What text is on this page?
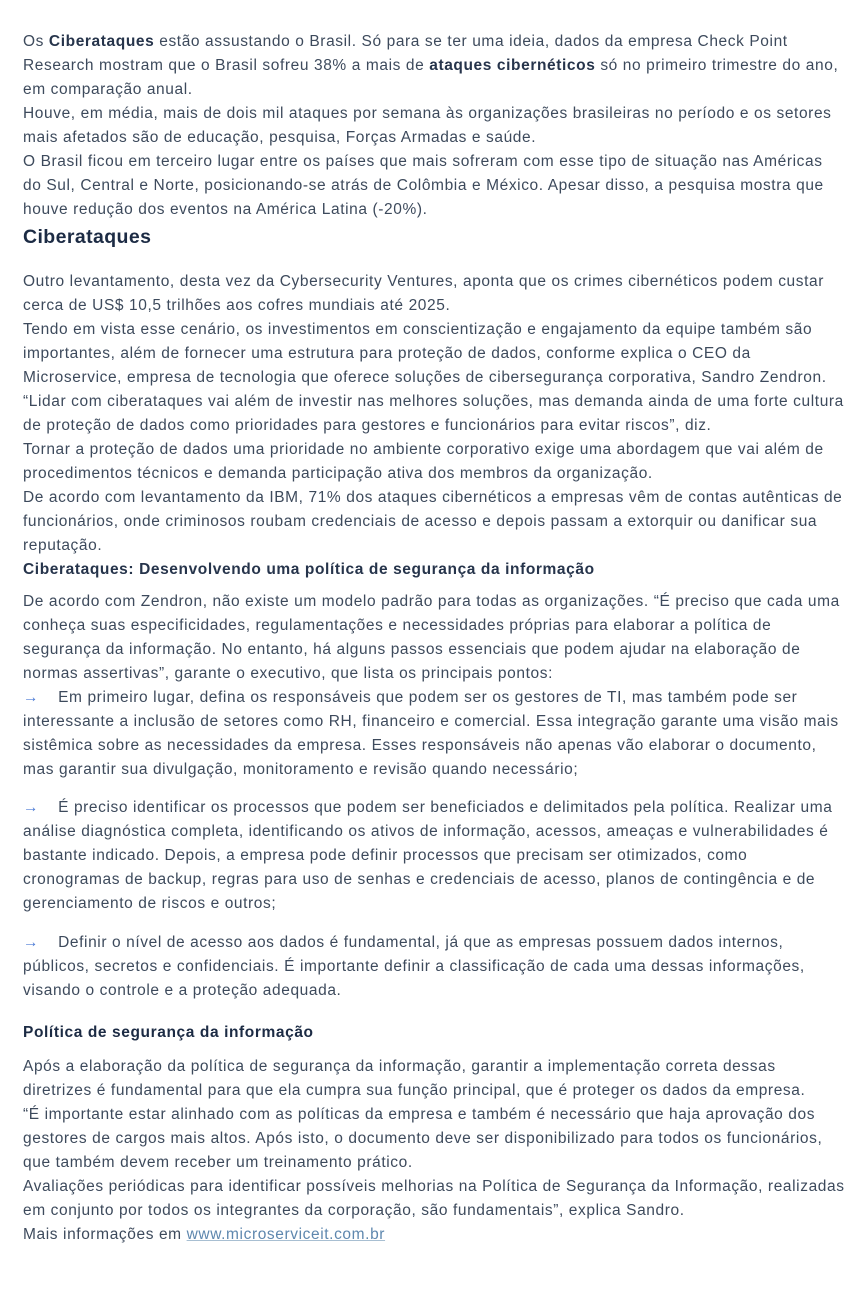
Os Ciberataques estão assustando o Brasil. Só para se ter uma ideia, dados da empresa Check Point Research mostram que o Brasil sofreu 38% a mais de ataques cibernéticos só no primeiro trimestre do ano, em comparação anual.
Houve, em média, mais de dois mil ataques por semana às organizações brasileiras no período e os setores mais afetados são de educação, pesquisa, Forças Armadas e saúde.
O Brasil ficou em terceiro lugar entre os países que mais sofreram com esse tipo de situação nas Américas do Sul, Central e Norte, posicionando-se atrás de Colômbia e México. Apesar disso, a pesquisa mostra que houve redução dos eventos na América Latina (-20%).

Ciberataques

Outro levantamento, desta vez da Cybersecurity Ventures, aponta que os crimes cibernéticos podem custar cerca de US$ 10,5 trilhões aos cofres mundiais até 2025.
Tendo em vista esse cenário, os investimentos em conscientização e engajamento da equipe também são importantes, além de fornecer uma estrutura para proteção de dados, conforme explica o CEO da Microservice, empresa de tecnologia que oferece soluções de cibersegurança corporativa, Sandro Zendron.
“Lidar com ciberataques vai além de investir nas melhores soluções, mas demanda ainda de uma forte cultura de proteção de dados como prioridades para gestores e funcionários para evitar riscos”, diz.
Tornar a proteção de dados uma prioridade no ambiente corporativo exige uma abordagem que vai além de procedimentos técnicos e demanda participação ativa dos membros da organização.
De acordo com levantamento da IBM, 71% dos ataques cibernéticos a empresas vêm de contas autênticas de funcionários, onde criminosos roubam credenciais de acesso e depois passam a extorquir ou danificar sua reputação.

Ciberataques: Desenvolvendo uma política de segurança da informação

De acordo com Zendron, não existe um modelo padrão para todas as organizações. “É preciso que cada uma conheça suas especificidades, regulamentações e necessidades próprias para elaborar a política de segurança da informação. No entanto, há alguns passos essenciais que podem ajudar na elaboração de normas assertivas”, garante o executivo, que lista os principais pontos:

→ Em primeiro lugar, defina os responsáveis que podem ser os gestores de TI, mas também pode ser interessante a inclusão de setores como RH, financeiro e comercial. Essa integração garante uma visão mais sistêmica sobre as necessidades da empresa. Esses responsáveis não apenas vão elaborar o documento, mas garantir sua divulgação, monitoramento e revisão quando necessário;

→ É preciso identificar os processos que podem ser beneficiados e delimitados pela política. Realizar uma análise diagnóstica completa, identificando os ativos de informação, acessos, ameaças e vulnerabilidades é bastante indicado. Depois, a empresa pode definir processos que precisam ser otimizados, como cronogramas de backup, regras para uso de senhas e credenciais de acesso, planos de contingência e de gerenciamento de riscos e outros;

→ Definir o nível de acesso aos dados é fundamental, já que as empresas possuem dados internos, públicos, secretos e confidenciais. É importante definir a classificação de cada uma dessas informações, visando o controle e a proteção adequada.

Política de segurança da informação

Após a elaboração da política de segurança da informação, garantir a implementação correta dessas diretrizes é fundamental para que ela cumpra sua função principal, que é proteger os dados da empresa.
“É importante estar alinhado com as políticas da empresa e também é necessário que haja aprovação dos gestores de cargos mais altos. Após isto, o documento deve ser disponibilizado para todos os funcionários, que também devem receber um treinamento prático.
Avaliações periódicas para identificar possíveis melhorias na Política de Segurança da Informação, realizadas em conjunto por todos os integrantes da corporação, são fundamentais”, explica Sandro.
Mais informações em www.microserviceit.com.br
